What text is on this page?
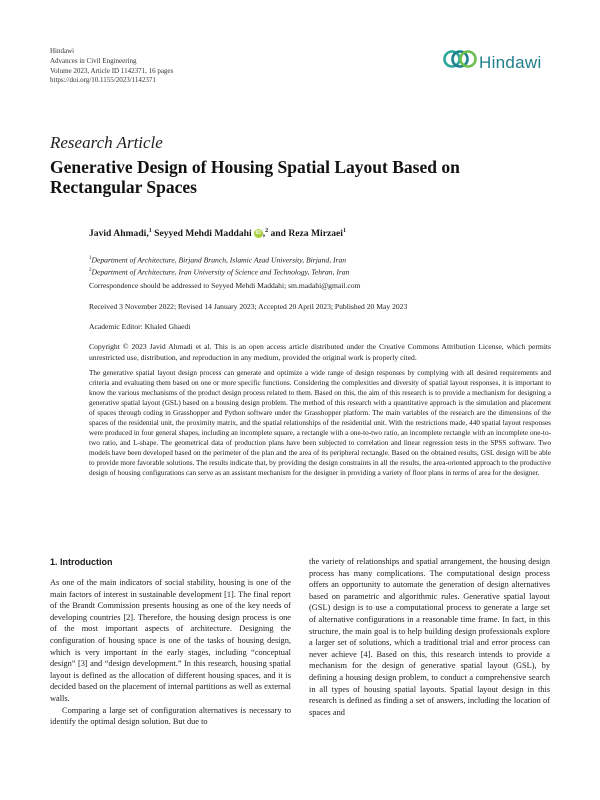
Hindawi
Advances in Civil Engineering
Volume 2023, Article ID 1142371, 16 pages
https://doi.org/10.1155/2023/1142371
Hindawi
Research Article
Generative Design of Housing Spatial Layout Based on Rectangular Spaces
Javid Ahmadi,$^1$ Seyyed Mehdi Maddahi iD ,$^2$ and Reza Mirzaei$^1$
$^1$Department of Architecture, Birjand Branch, Islamic Azad University, Birjand, Iran
$^2$Department of Architecture, Iran University of Science and Technology, Tehran, Iran
Correspondence should be addressed to Seyyed Mehdi Maddahi; sm.madahi@gmail.com
Received 3 November 2022; Revised 14 January 2023; Accepted 20 April 2023; Published 20 May 2023
Academic Editor: Khaled Ghaedi
Copyright © 2023 Javid Ahmadi et al. This is an open access article distributed under the Creative Commons Attribution License, which permits unrestricted use, distribution, and reproduction in any medium, provided the original work is properly cited.

The generative spatial layout design process can generate and optimize a wide range of design responses by complying with all desired requirements and criteria and evaluating them based on one or more specific functions. Considering the complexities and diversity of spatial layout responses, it is important to know the various mechanisms of the product design process related to them. Based on this, the aim of this research is to provide a mechanism for designing a generative spatial layout (GSL) based on a housing design problem. The method of this research with a quantitative approach is the simulation and placement of spaces through coding in Grasshopper and Python software under the Grasshopper platform. The main variables of the research are the dimensions of the spaces of the residential unit, the proximity matrix, and the spatial relationships of the residential unit. With the restrictions made, 440 spatial layout responses were produced in four general shapes, including an incomplete square, a rectangle with a one-to-two ratio, an incomplete rectangle with an incomplete one-to-two ratio, and L-shape. The geometrical data of production plans have been subjected to correlation and linear regression tests in the SPSS software. Two models have been developed based on the perimeter of the plan and the area of its peripheral rectangle. Based on the obtained results, GSL design will be able to provide more favorable solutions. The results indicate that, by providing the design constraints in all the results, the area-oriented approach to the productive design of housing configurations can serve as an assistant mechanism for the designer in providing a variety of floor plans in terms of area for the designer.

1. Introduction

As one of the main indicators of social stability, housing is one of the main factors of interest in sustainable development [1]. The final report of the Brandt Commission presents housing as one of the key needs of developing countries [2]. Therefore, the housing design process is one of the most important aspects of architecture. Designing the configuration of housing space is one of the tasks of housing design, which is very important in the early stages, including “conceptual design” [3] and “design development.” In this research, housing spatial layout is defined as the allocation of different housing spaces, and it is decided based on the placement of internal partitions as well as external walls.

Comparing a large set of configuration alternatives is necessary to identify the optimal design solution. But due to

the variety of relationships and spatial arrangement, the housing design process has many complications. The computational design process offers an opportunity to automate the generation of design alternatives based on parametric and algorithmic rules. Generative spatial layout (GSL) design is to use a computational process to generate a large set of alternative configurations in a reasonable time frame. In fact, in this structure, the main goal is to help building design professionals explore a larger set of solutions, which a traditional trial and error process can never achieve [4]. Based on this, this research intends to provide a mechanism for the design of generative spatial layout (GSL), by defining a housing design problem, to conduct a comprehensive search in all types of housing spatial layouts. Spatial layout design in this research is defined as finding a set of answers, including the location of spaces and
